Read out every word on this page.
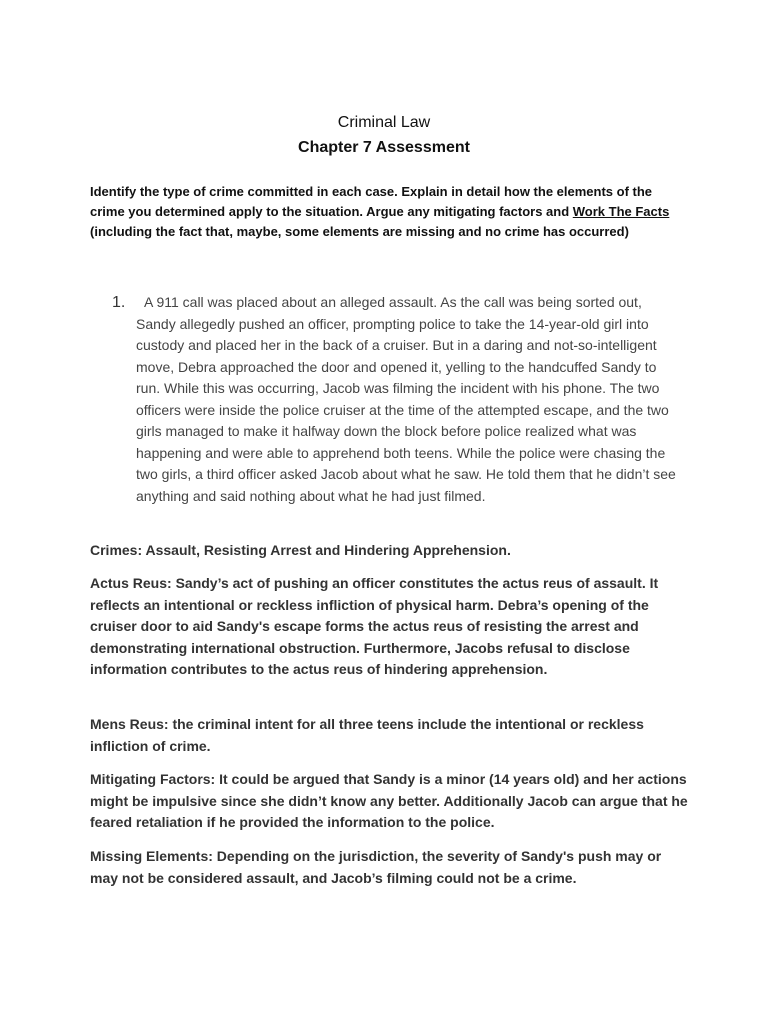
Criminal Law
Chapter 7 Assessment
Identify the type of crime committed in each case. Explain in detail how the elements of the crime you determined apply to the situation. Argue any mitigating factors and Work The Facts (including the fact that, maybe, some elements are missing and no crime has occurred)
1.	A 911 call was placed about an alleged assault. As the call was being sorted out, Sandy allegedly pushed an officer, prompting police to take the 14-year-old girl into custody and placed her in the back of a cruiser. But in a daring and not-so-intelligent move, Debra approached the door and opened it, yelling to the handcuffed Sandy to run. While this was occurring, Jacob was filming the incident with his phone. The two officers were inside the police cruiser at the time of the attempted escape, and the two girls managed to make it halfway down the block before police realized what was happening and were able to apprehend both teens. While the police were chasing the two girls, a third officer asked Jacob about what he saw. He told them that he didn’t see anything and said nothing about what he had just filmed.
Crimes: Assault, Resisting Arrest and Hindering Apprehension.
Actus Reus: Sandy’s act of pushing an officer constitutes the actus reus of assault. It reflects an intentional or reckless infliction of physical harm. Debra’s opening of the cruiser door to aid Sandy's escape forms the actus reus of resisting the arrest and demonstrating international obstruction. Furthermore, Jacobs refusal to disclose information contributes to the actus reus of hindering apprehension.
Mens Reus: the criminal intent for all three teens include the intentional or reckless infliction of crime.
Mitigating Factors: It could be argued that Sandy is a minor (14 years old) and her actions might be impulsive since she didn’t know any better. Additionally Jacob can argue that he feared retaliation if he provided the information to the police.
Missing Elements: Depending on the jurisdiction, the severity of Sandy's push may or may not be considered assault, and Jacob’s filming could not be a crime.
